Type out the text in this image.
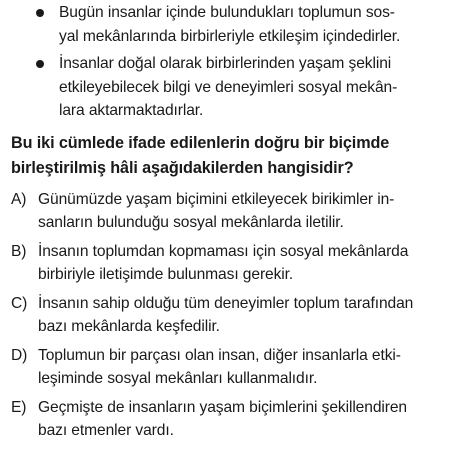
Bugün insanlar içinde bulundukları toplumun sos-
yal mekânlarında birbirleriyle etkileşim içindedirler.
İnsanlar doğal olarak birbirlerinden yaşam şeklini
etkileyebilecek bilgi ve deneyimleri sosyal mekân-
lara aktarmaktadırlar.
Bu iki cümlede ifade edilenlerin doğru bir biçimde
birleştirilmiş hâli aşağıdakilerden hangisidir?
A) Günümüzde yaşam biçimini etkileyecek birikimler in-
sanların bulunduğu sosyal mekânlarda iletilir.
B) İnsanın toplumdan kopmaması için sosyal mekânlarda
birbiriyle iletişimde bulunması gerekir.
C) İnsanın sahip olduğu tüm deneyimler toplum tarafından
bazı mekânlarda keşfedilir.
D) Toplumun bir parçası olan insan, diğer insanlarla etki-
leşiminde sosyal mekânları kullanmalıdır.
E) Geçmişte de insanların yaşam biçimlerini şekillendiren
bazı etmenler vardı.
